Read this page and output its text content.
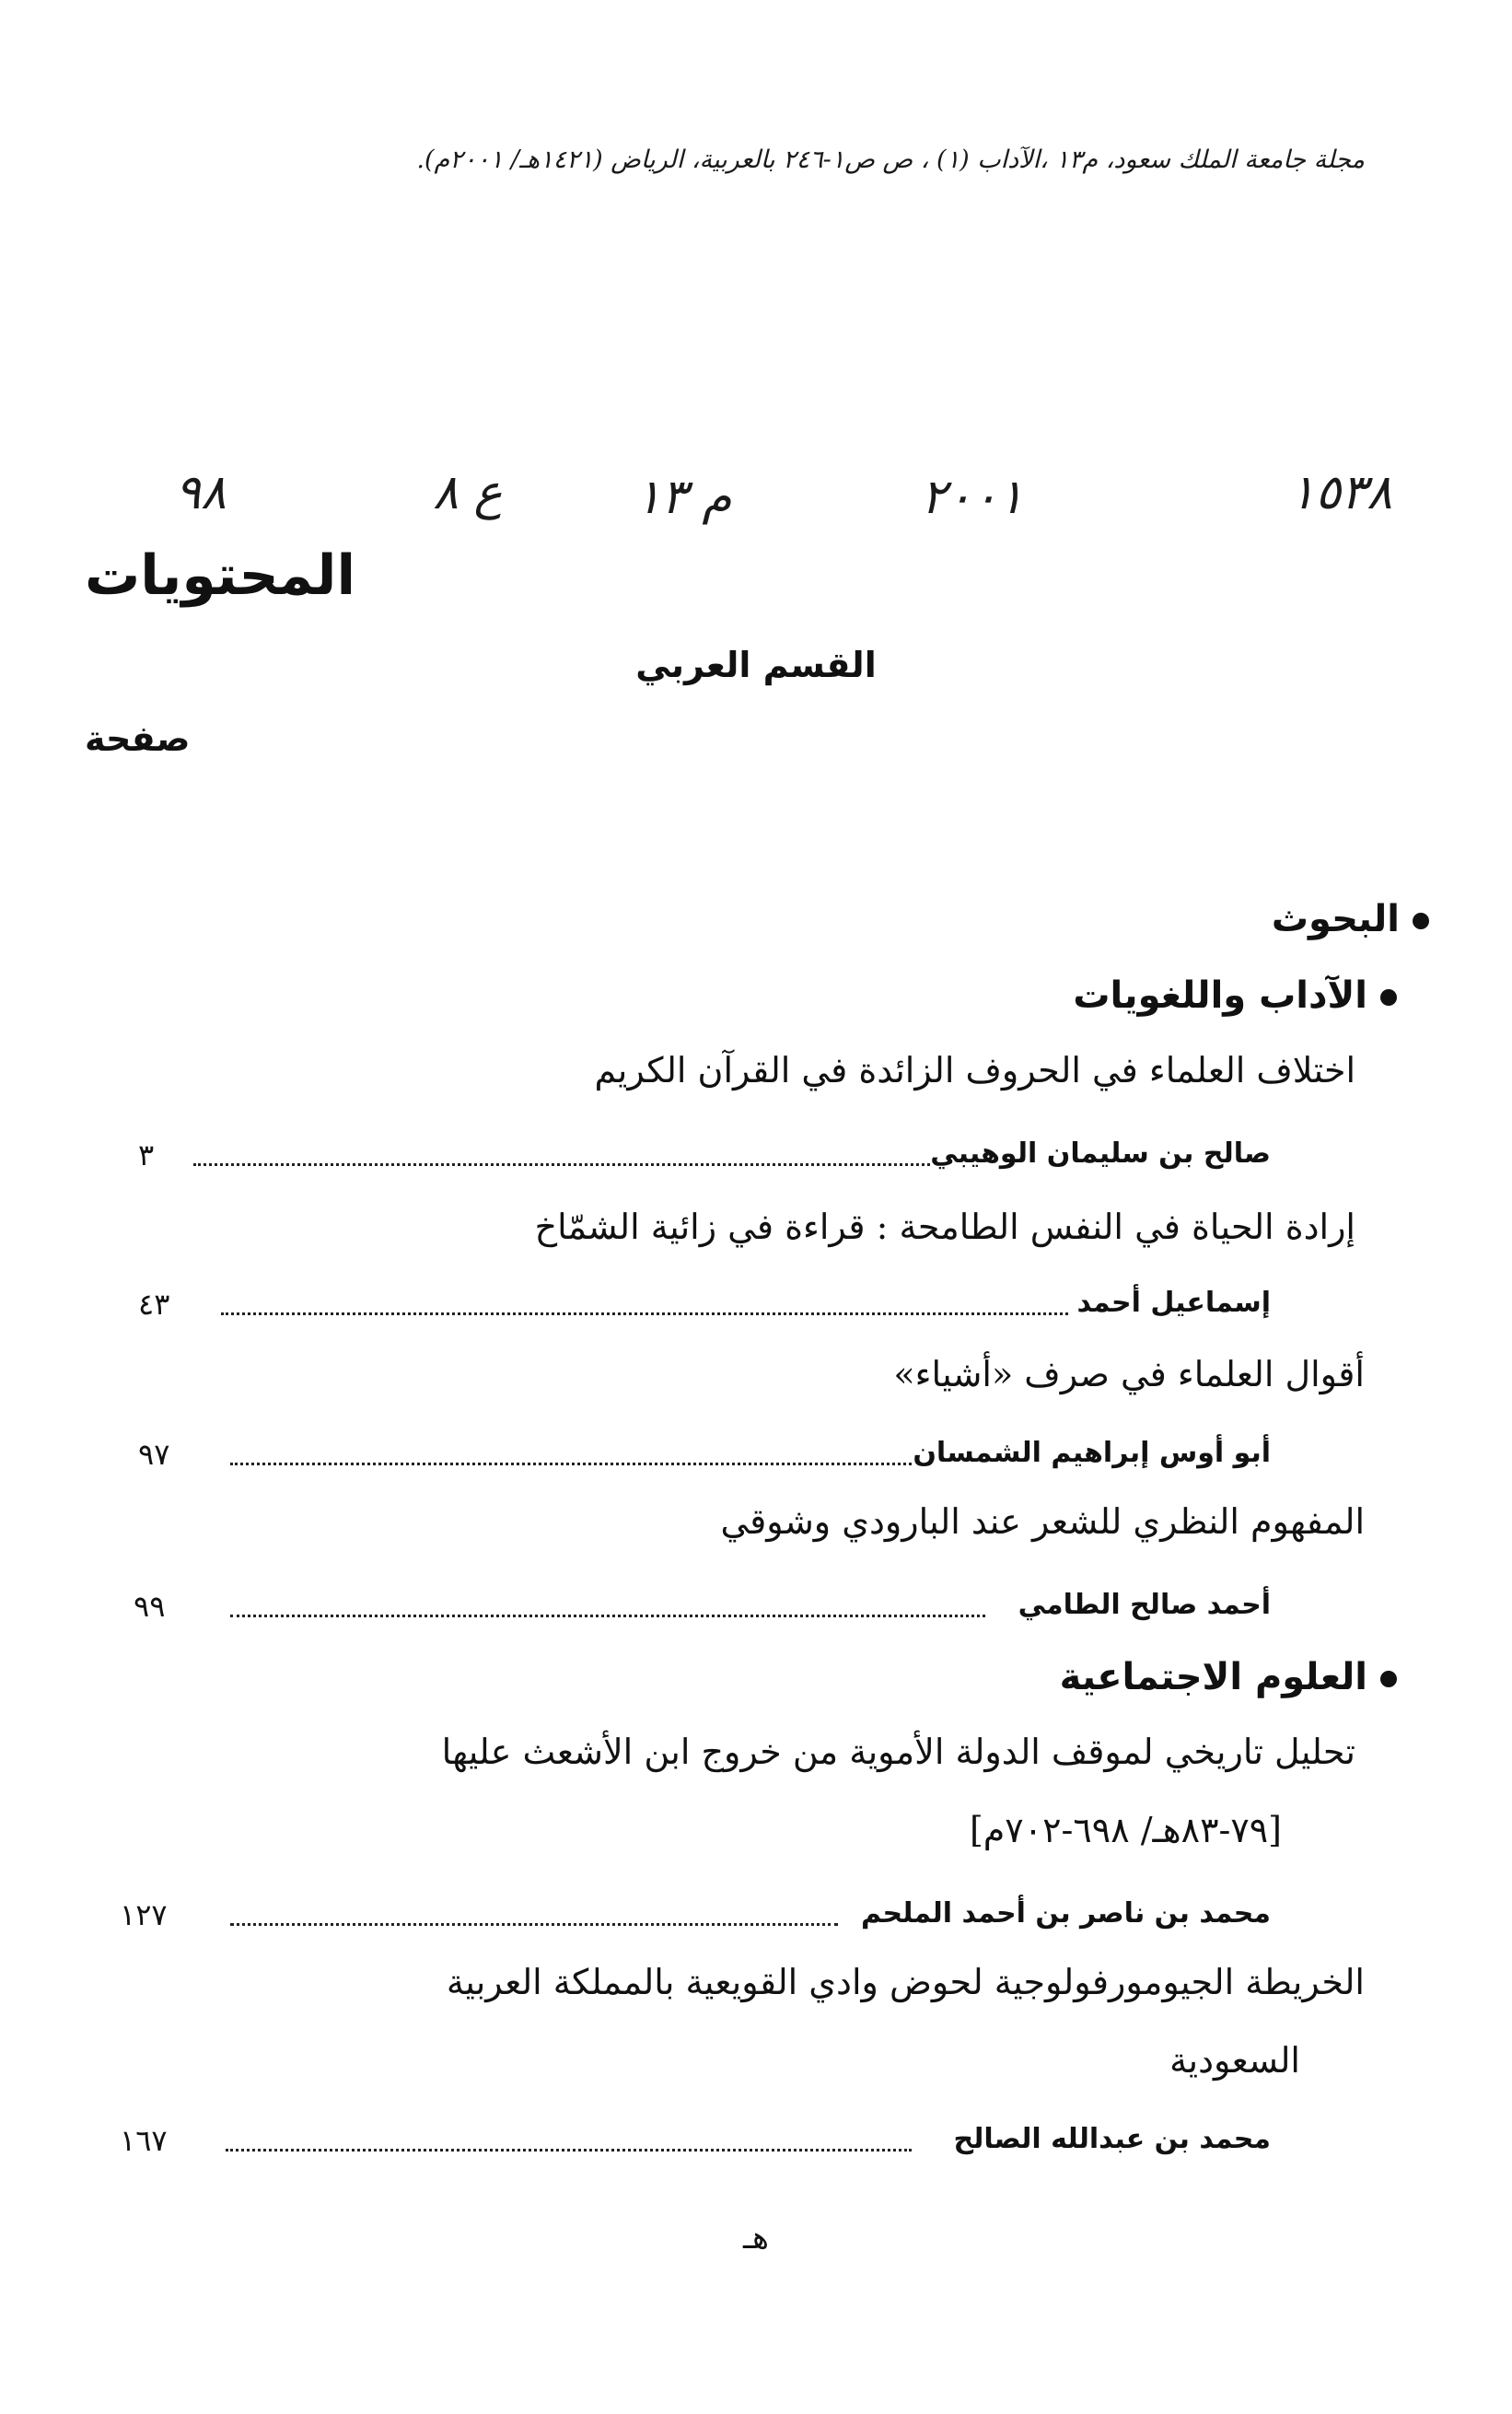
مجلة جامعة الملك سعود، م١٣ ،الآداب (١) ، ص ص١-٢٤٦ بالعربية، الرياض (١٤٢١هـ/ ٢٠٠١م).
١٥٣٨
٢٠٠١
م ١٣
ع ٨
٩٨
المحتويات
القسم العربي
صفحة
البحوث
الآداب واللغويات
اختلاف العلماء في الحروف الزائدة في القرآن الكريم
صالح بن سليمان الوهيبي
٣
إرادة الحياة في النفس الطامحة : قراءة في زائية الشمّاخ
إسماعيل أحمد
٤٣
أقوال العلماء في صرف «أشياء»
أبو أوس إبراهيم الشمسان
٩٧
المفهوم النظري للشعر عند البارودي وشوقي
أحمد صالح الطامي
٩٩
العلوم الاجتماعية
تحليل تاريخي لموقف الدولة الأموية من خروج ابن الأشعث عليها
[٧٩-٨٣هـ/ ٦٩٨-٧٠٢م]
محمد بن ناصر بن أحمد الملحم
١٢٧
الخريطة الجيومورفولوجية لحوض وادي القويعية بالمملكة العربية
السعودية
محمد بن عبدالله الصالح
١٦٧
هـ
